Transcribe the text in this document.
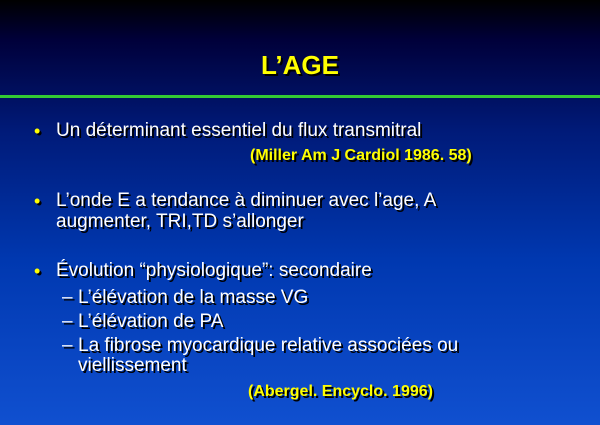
L’AGE
• Un déterminant essentiel du flux transmitral
(Miller Am J Cardiol 1986. 58)
• L’onde E a tendance à diminuer avec l’age, A
augmenter, TRI,TD s’allonger
• Évolution “physiologique”: secondaire
– L’élévation de la masse VG
– L’élévation de PA
– La fibrose myocardique relative associées ou
viellissement
(Abergel. Encyclo. 1996)
